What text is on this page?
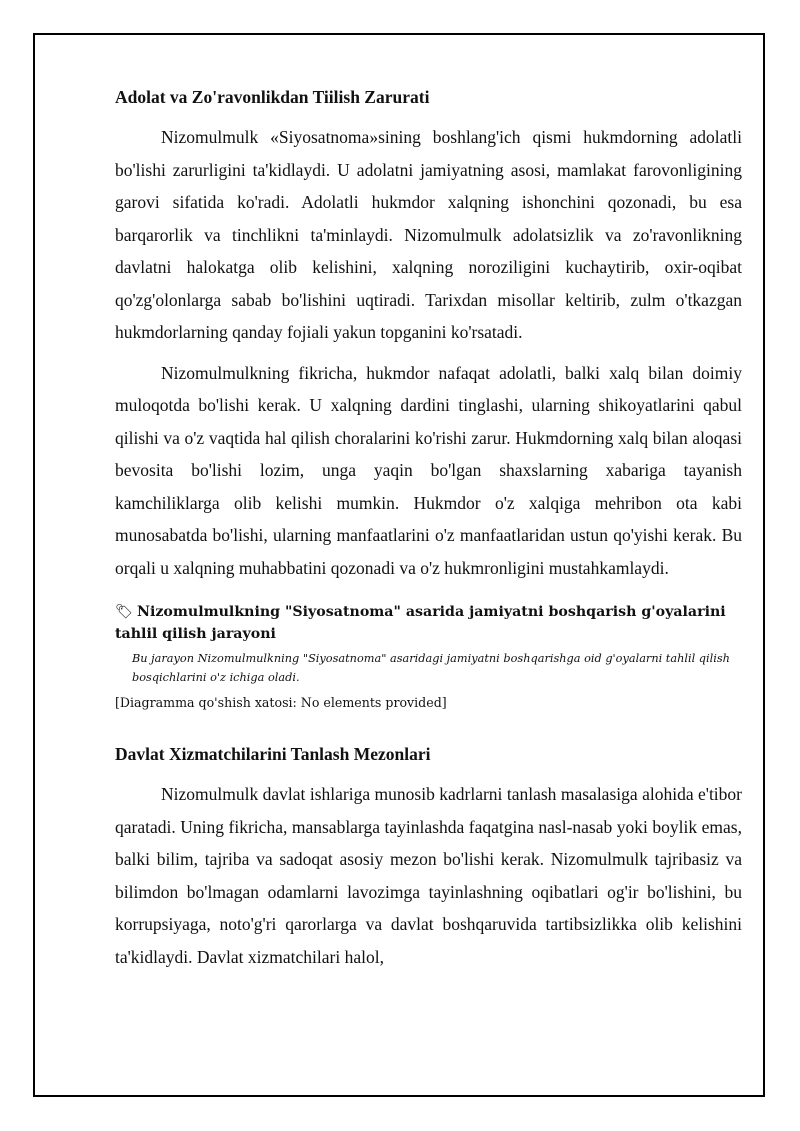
Adolat va Zo'ravonlikdan Tiilish Zarurati

Nizomulmulk «Siyosatnoma»sining boshlang'ich qismi hukmdorning adolatli bo'lishi zarurligini ta'kidlaydi. U adolatni jamiyatning asosi, mamlakat farovonligining garovi sifatida ko'radi. Adolatli hukmdor xalqning ishonchini qozonadi, bu esa barqarorlik va tinchlikni ta'minlaydi. Nizomulmulk adolatsizlik va zo'ravonlikning davlatni halokatga olib kelishini, xalqning noroziligini kuchaytirib, oxir-oqibat qo'zg'olonlarga sabab bo'lishini uqtiradi. Tarixdan misollar keltirib, zulm o'tkazgan hukmdorlarning qanday fojiali yakun topganini ko'rsatadi.

Nizomulmulkning fikricha, hukmdor nafaqat adolatli, balki xalq bilan doimiy muloqotda bo'lishi kerak. U xalqning dardini tinglashi, ularning shikoyatlarini qabul qilishi va o'z vaqtida hal qilish choralarini ko'rishi zarur. Hukmdorning xalq bilan aloqasi bevosita bo'lishi lozim, unga yaqin bo'lgan shaxslarning xabariga tayanish kamchiliklarga olib kelishi mumkin. Hukmdor o'z xalqiga mehribon ota kabi munosabatda bo'lishi, ularning manfaatlarini o'z manfaatlaridan ustun qo'yishi kerak. Bu orqali u xalqning muhabbatini qozonadi va o'z hukmronligini mustahkamlaydi.

🏷 Nizomulmulkning "Siyosatnoma" asarida jamiyatni boshqarish g'oyalarini tahlil qilish jarayoni
Bu jarayon Nizomulmulkning "Siyosatnoma" asaridagi jamiyatni boshqarishga oid g'oyalarni tahlil qilish bosqichlarini o'z ichiga oladi.
[Diagramma qo'shish xatosi: No elements provided]
Davlat Xizmatchilarini Tanlash Mezonlari

Nizomulmulk davlat ishlariga munosib kadrlarni tanlash masalasiga alohida e'tibor qaratadi. Uning fikricha, mansablarga tayinlashda faqatgina nasl-nasab yoki boylik emas, balki bilim, tajriba va sadoqat asosiy mezon bo'lishi kerak. Nizomulmulk tajribasiz va bilimdon bo'lmagan odamlarni lavozimga tayinlashning oqibatlari og'ir bo'lishini, bu korrupsiyaga, noto'g'ri qarorlarga va davlat boshqaruvida tartibsizlikka olib kelishini ta'kidlaydi. Davlat xizmatchilari halol,
